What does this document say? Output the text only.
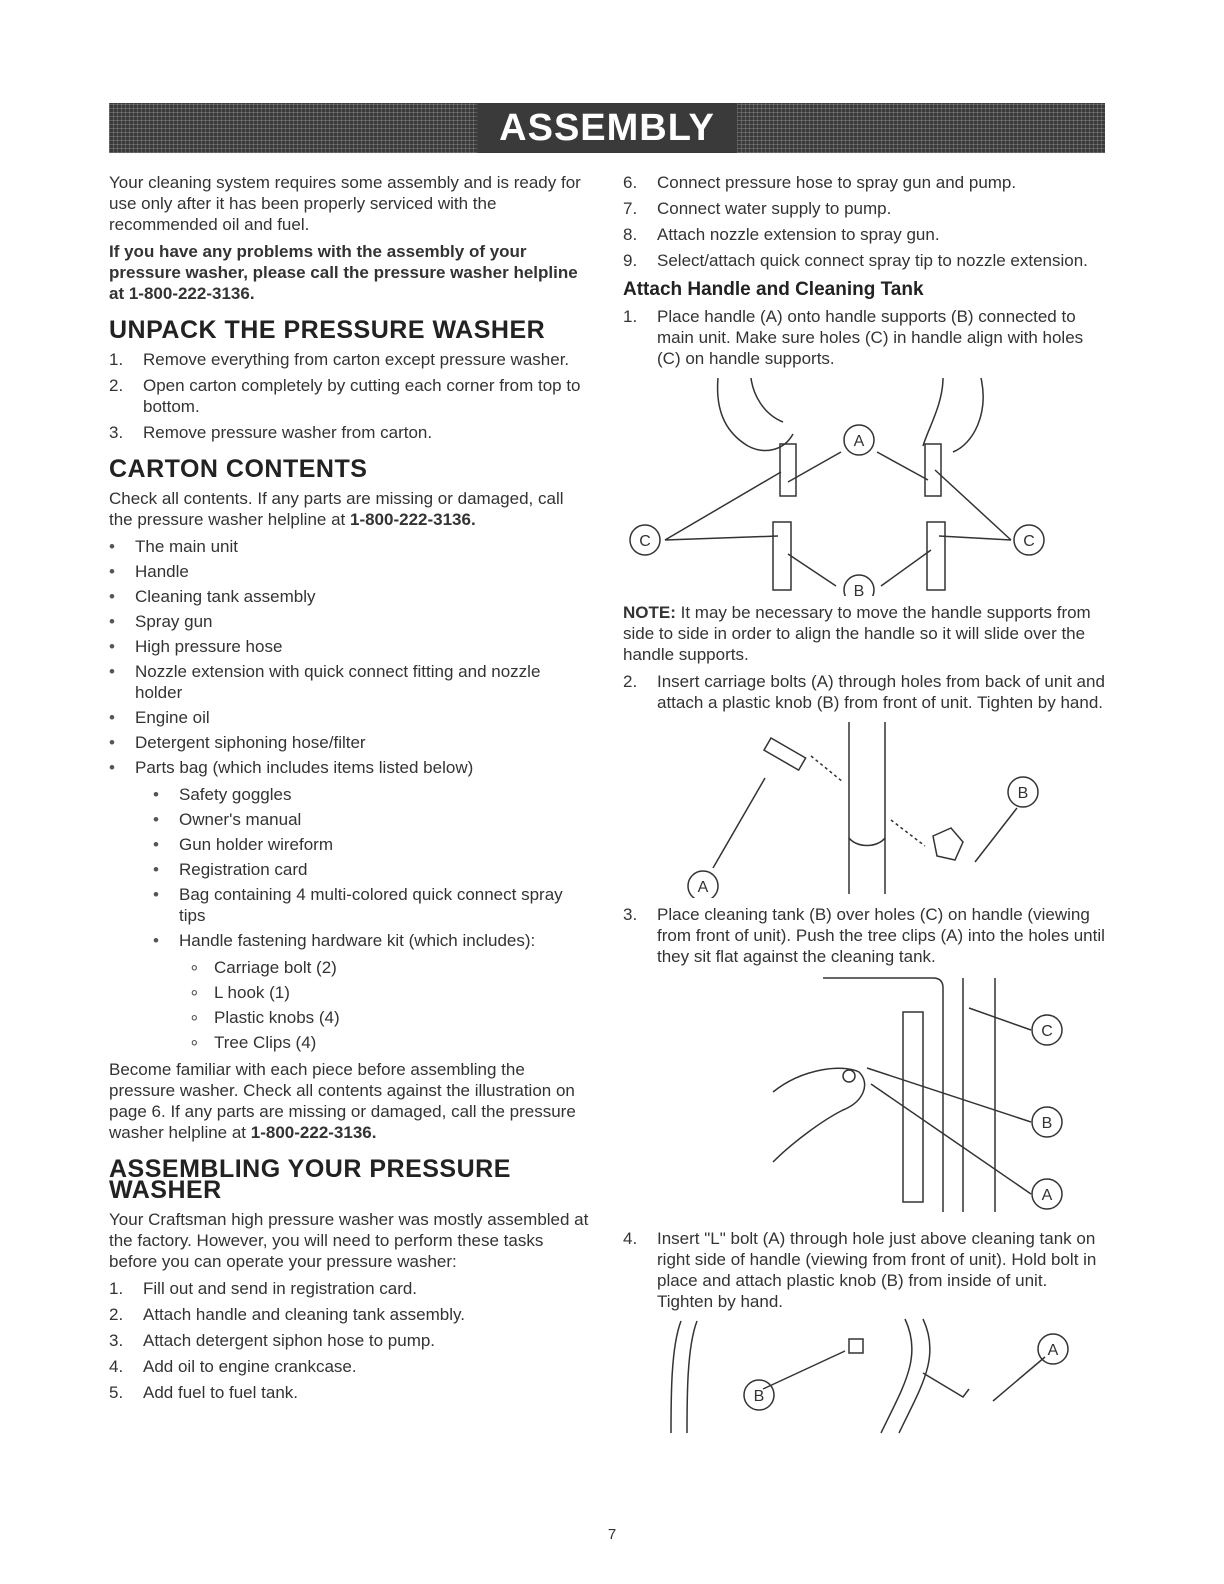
ASSEMBLY

Your cleaning system requires some assembly and is ready for use only after it has been properly serviced with the recommended oil and fuel.

If you have any problems with the assembly of your pressure washer, please call the pressure washer helpline at 1-800-222-3136.

UNPACK THE PRESSURE WASHER
1. Remove everything from carton except pressure washer.
2. Open carton completely by cutting each corner from top to bottom.
3. Remove pressure washer from carton.
CARTON CONTENTS

Check all contents. If any parts are missing or damaged, call the pressure washer helpline at 1-800-222-3136.

• The main unit
• Handle
• Cleaning tank assembly
• Spray gun
• High pressure hose
• Nozzle extension with quick connect fitting and nozzle holder
• Engine oil
• Detergent siphoning hose/filter
• Parts bag (which includes items listed below)
• Safety goggles
• Owner's manual
• Gun holder wireform
• Registration card
• Bag containing 4 multi-colored quick connect spray tips
• Handle fastening hardware kit (which includes):
∘ Carriage bolt (2)
∘ L hook (1)
∘ Plastic knobs (4)
∘ Tree Clips (4)

Become familiar with each piece before assembling the pressure washer. Check all contents against the illustration on page 6. If any parts are missing or damaged, call the pressure washer helpline at 1-800-222-3136.

ASSEMBLING YOUR PRESSURE WASHER

Your Craftsman high pressure washer was mostly assembled at the factory. However, you will need to perform these tasks before you can operate your pressure washer:

1. Fill out and send in registration card.
2. Attach handle and cleaning tank assembly.
3. Attach detergent siphon hose to pump.
4. Add oil to engine crankcase.
5. Add fuel to fuel tank.
6. Connect pressure hose to spray gun and pump.
7. Connect water supply to pump.
8. Attach nozzle extension to spray gun.
9. Select/attach quick connect spray tip to nozzle extension.
Attach Handle and Cleaning Tank
1. Place handle (A) onto handle supports (B) connected to main unit. Make sure holes (C) in handle align with holes (C) on handle supports.
A
C	C
B

NOTE: It may be necessary to move the handle supports from side to side in order to align the handle so it will slide over the handle supports.

2. Insert carriage bolts (A) through holes from back of unit and attach a plastic knob (B) from front of unit. Tighten by hand.
A
B
3. Place cleaning tank (B) over holes (C) on handle (viewing from front of unit). Push the tree clips (A) into the holes until they sit flat against the cleaning tank.
C
B
A
4. Insert "L" bolt (A) through hole just above cleaning tank on right side of handle (viewing from front of unit). Hold bolt in place and attach plastic knob (B) from inside of unit. Tighten by hand.
B
A
7
